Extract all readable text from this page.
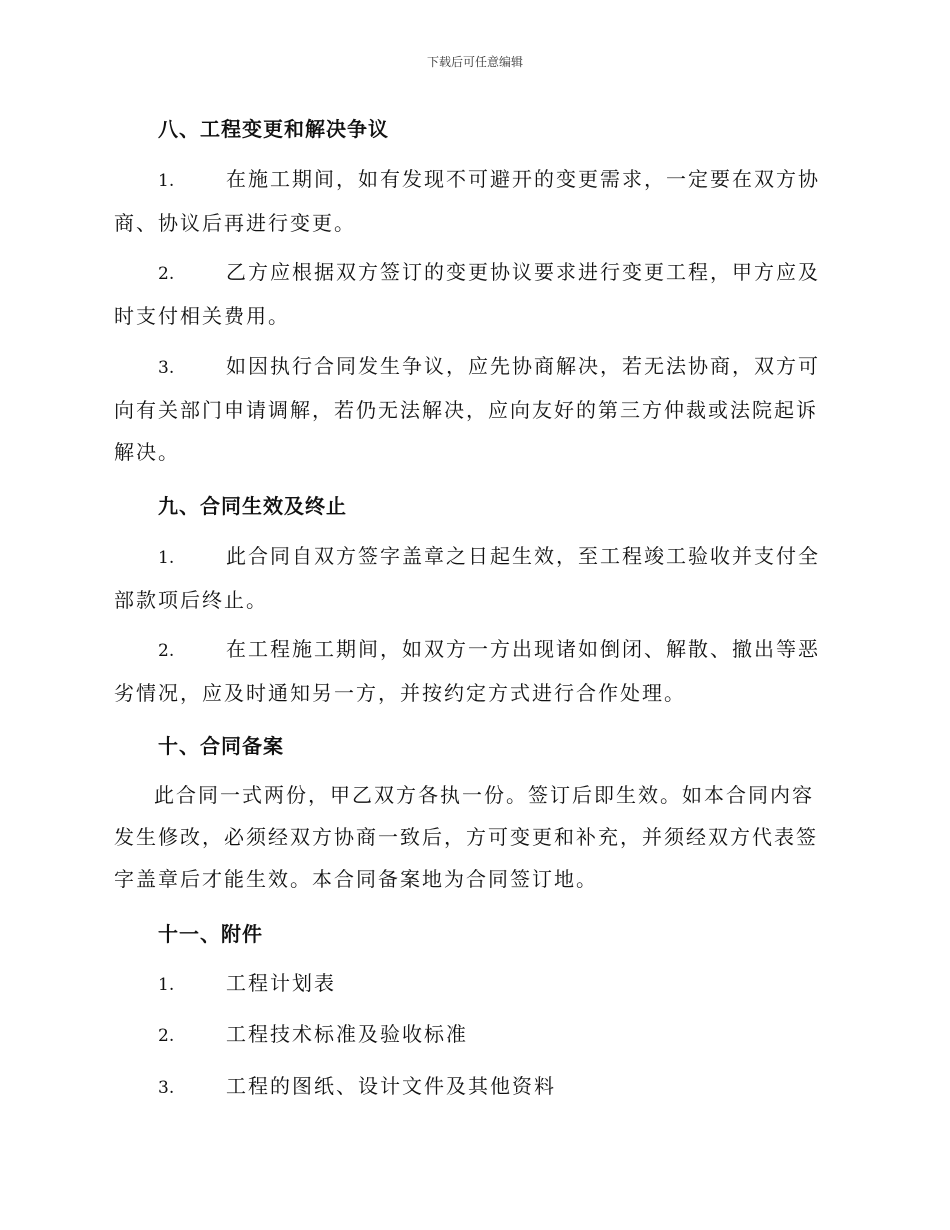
下载后可任意编辑
八、工程变更和解决争议
1.	在施工期间，如有发现不可避开的变更需求，一定要在双方协商、协议后再进行变更。
2.	乙方应根据双方签订的变更协议要求进行变更工程，甲方应及时支付相关费用。
3.	如因执行合同发生争议，应先协商解决，若无法协商，双方可向有关部门申请调解，若仍无法解决，应向友好的第三方仲裁或法院起诉解决。
九、合同生效及终止
1.	此合同自双方签字盖章之日起生效，至工程竣工验收并支付全部款项后终止。
2.	在工程施工期间，如双方一方出现诸如倒闭、解散、撤出等恶劣情况，应及时通知另一方，并按约定方式进行合作处理。
十、合同备案
此合同一式两份，甲乙双方各执一份。签订后即生效。如本合同内容发生修改，必须经双方协商一致后，方可变更和补充，并须经双方代表签字盖章后才能生效。本合同备案地为合同签订地。
十一、附件
1.	工程计划表
2.	工程技术标准及验收标准
3.	工程的图纸、设计文件及其他资料
